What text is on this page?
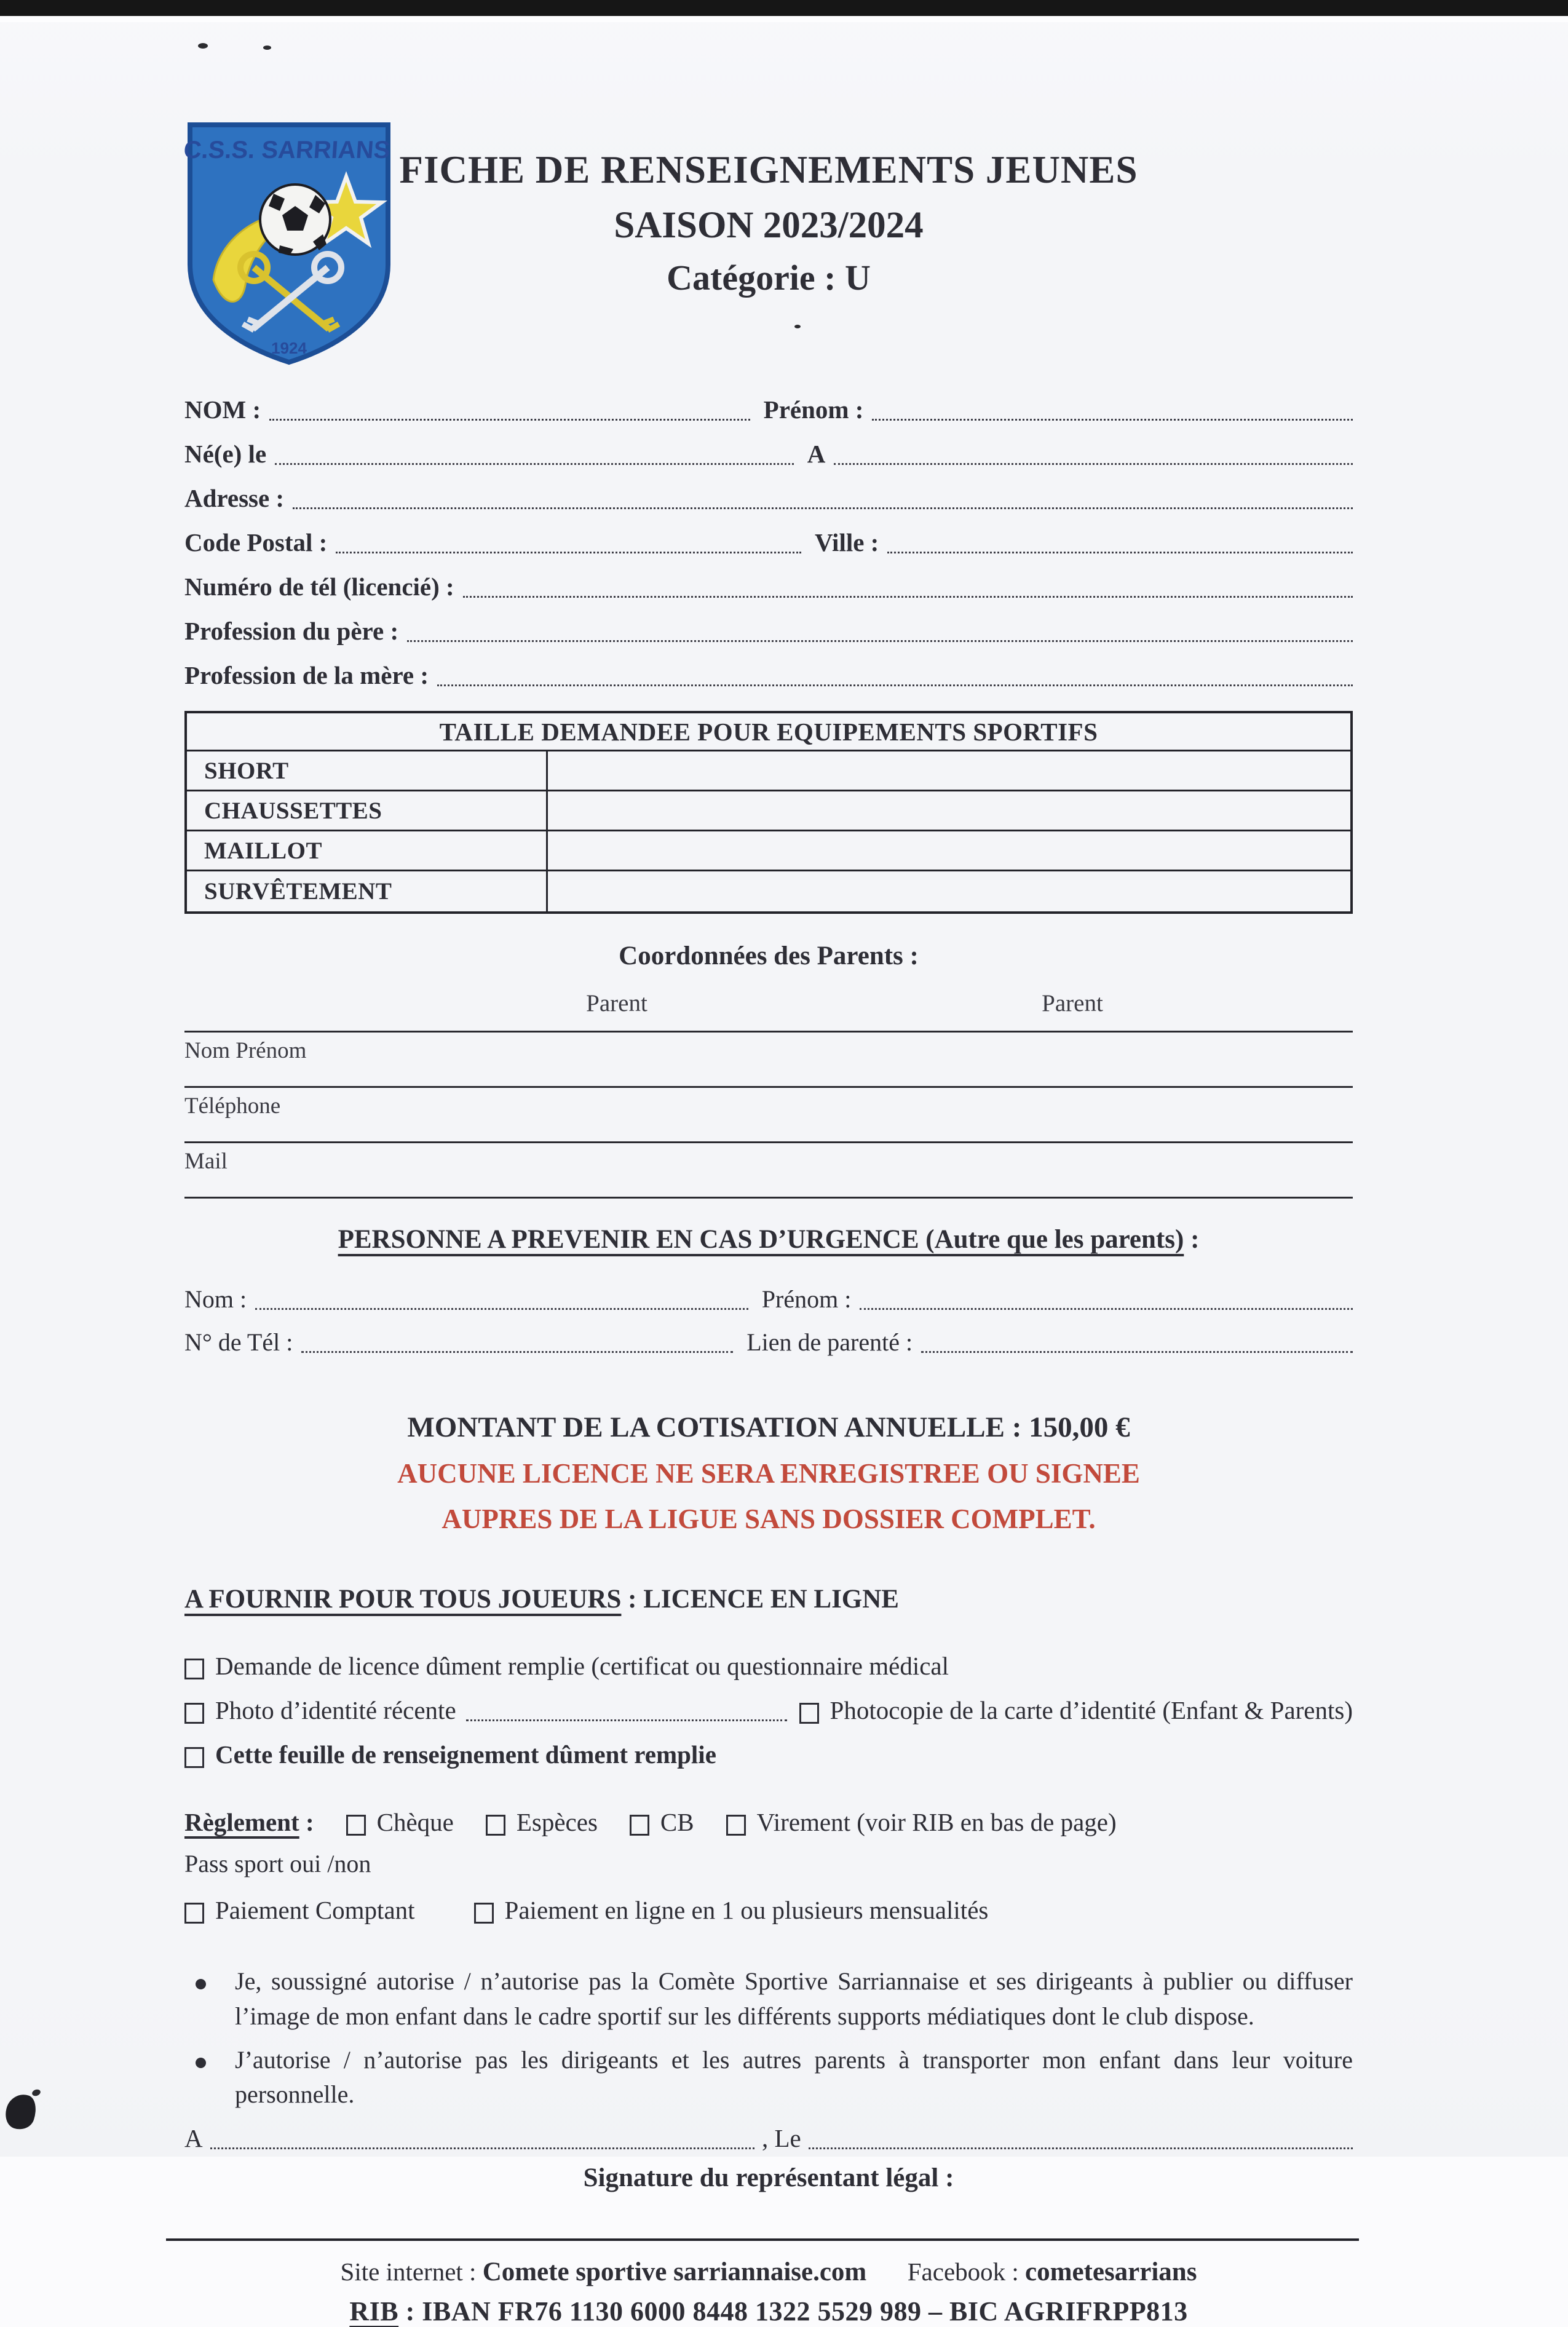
C.S.S. SARRIANS
1924
FICHE DE RENSEIGNEMENTS JEUNES
SAISON 2023/2024
Catégorie : U
NOM :	Prénom :
Né(e) le	A
Adresse :
Code Postal :	Ville :
Numéro de tél (licencié) :
Profession du père :
Profession de la mère :
TAILLE DEMANDEE POUR EQUIPEMENTS SPORTIFS
SHORT
CHAUSSETTES
MAILLOT
SURVÊTEMENT
Coordonnées des Parents :
Parent	Parent
Nom Prénom
Téléphone
Mail
PERSONNE A PREVENIR EN CAS D’URGENCE (Autre que les parents) :
Nom :	Prénom :
N° de Tél :	Lien de parenté :
MONTANT DE LA COTISATION ANNUELLE : 150,00 €
AUCUNE LICENCE NE SERA ENREGISTREE OU SIGNEE
AUPRES DE LA LIGUE SANS DOSSIER COMPLET.
A FOURNIR POUR TOUS JOUEURS : LICENCE EN LIGNE
Demande de licence dûment remplie (certificat ou questionnaire médical
Photo d’identité récente	Photocopie de la carte d’identité (Enfant & Parents)
Cette feuille de renseignement dûment remplie
Règlement : Chèque Espèces CB Virement (voir RIB en bas de page)
Pass sport oui /non
Paiement Comptant	Paiement en ligne en 1 ou plusieurs mensualités
Je, soussigné autorise / n’autorise pas la Comète Sportive Sarriannaise et ses dirigeants à publier ou diffuser l’image de mon enfant dans le cadre sportif sur les différents supports médiatiques dont le club dispose.
J’autorise / n’autorise pas les dirigeants et les autres parents à transporter mon enfant dans leur voiture personnelle.
A	, Le
Signature du représentant légal :
Site internet : Comete sportive sarriannaise.com Facebook : cometesarrians
RIB : IBAN FR76 1130 6000 8448 1322 5529 989 – BIC AGRIFRPP813
